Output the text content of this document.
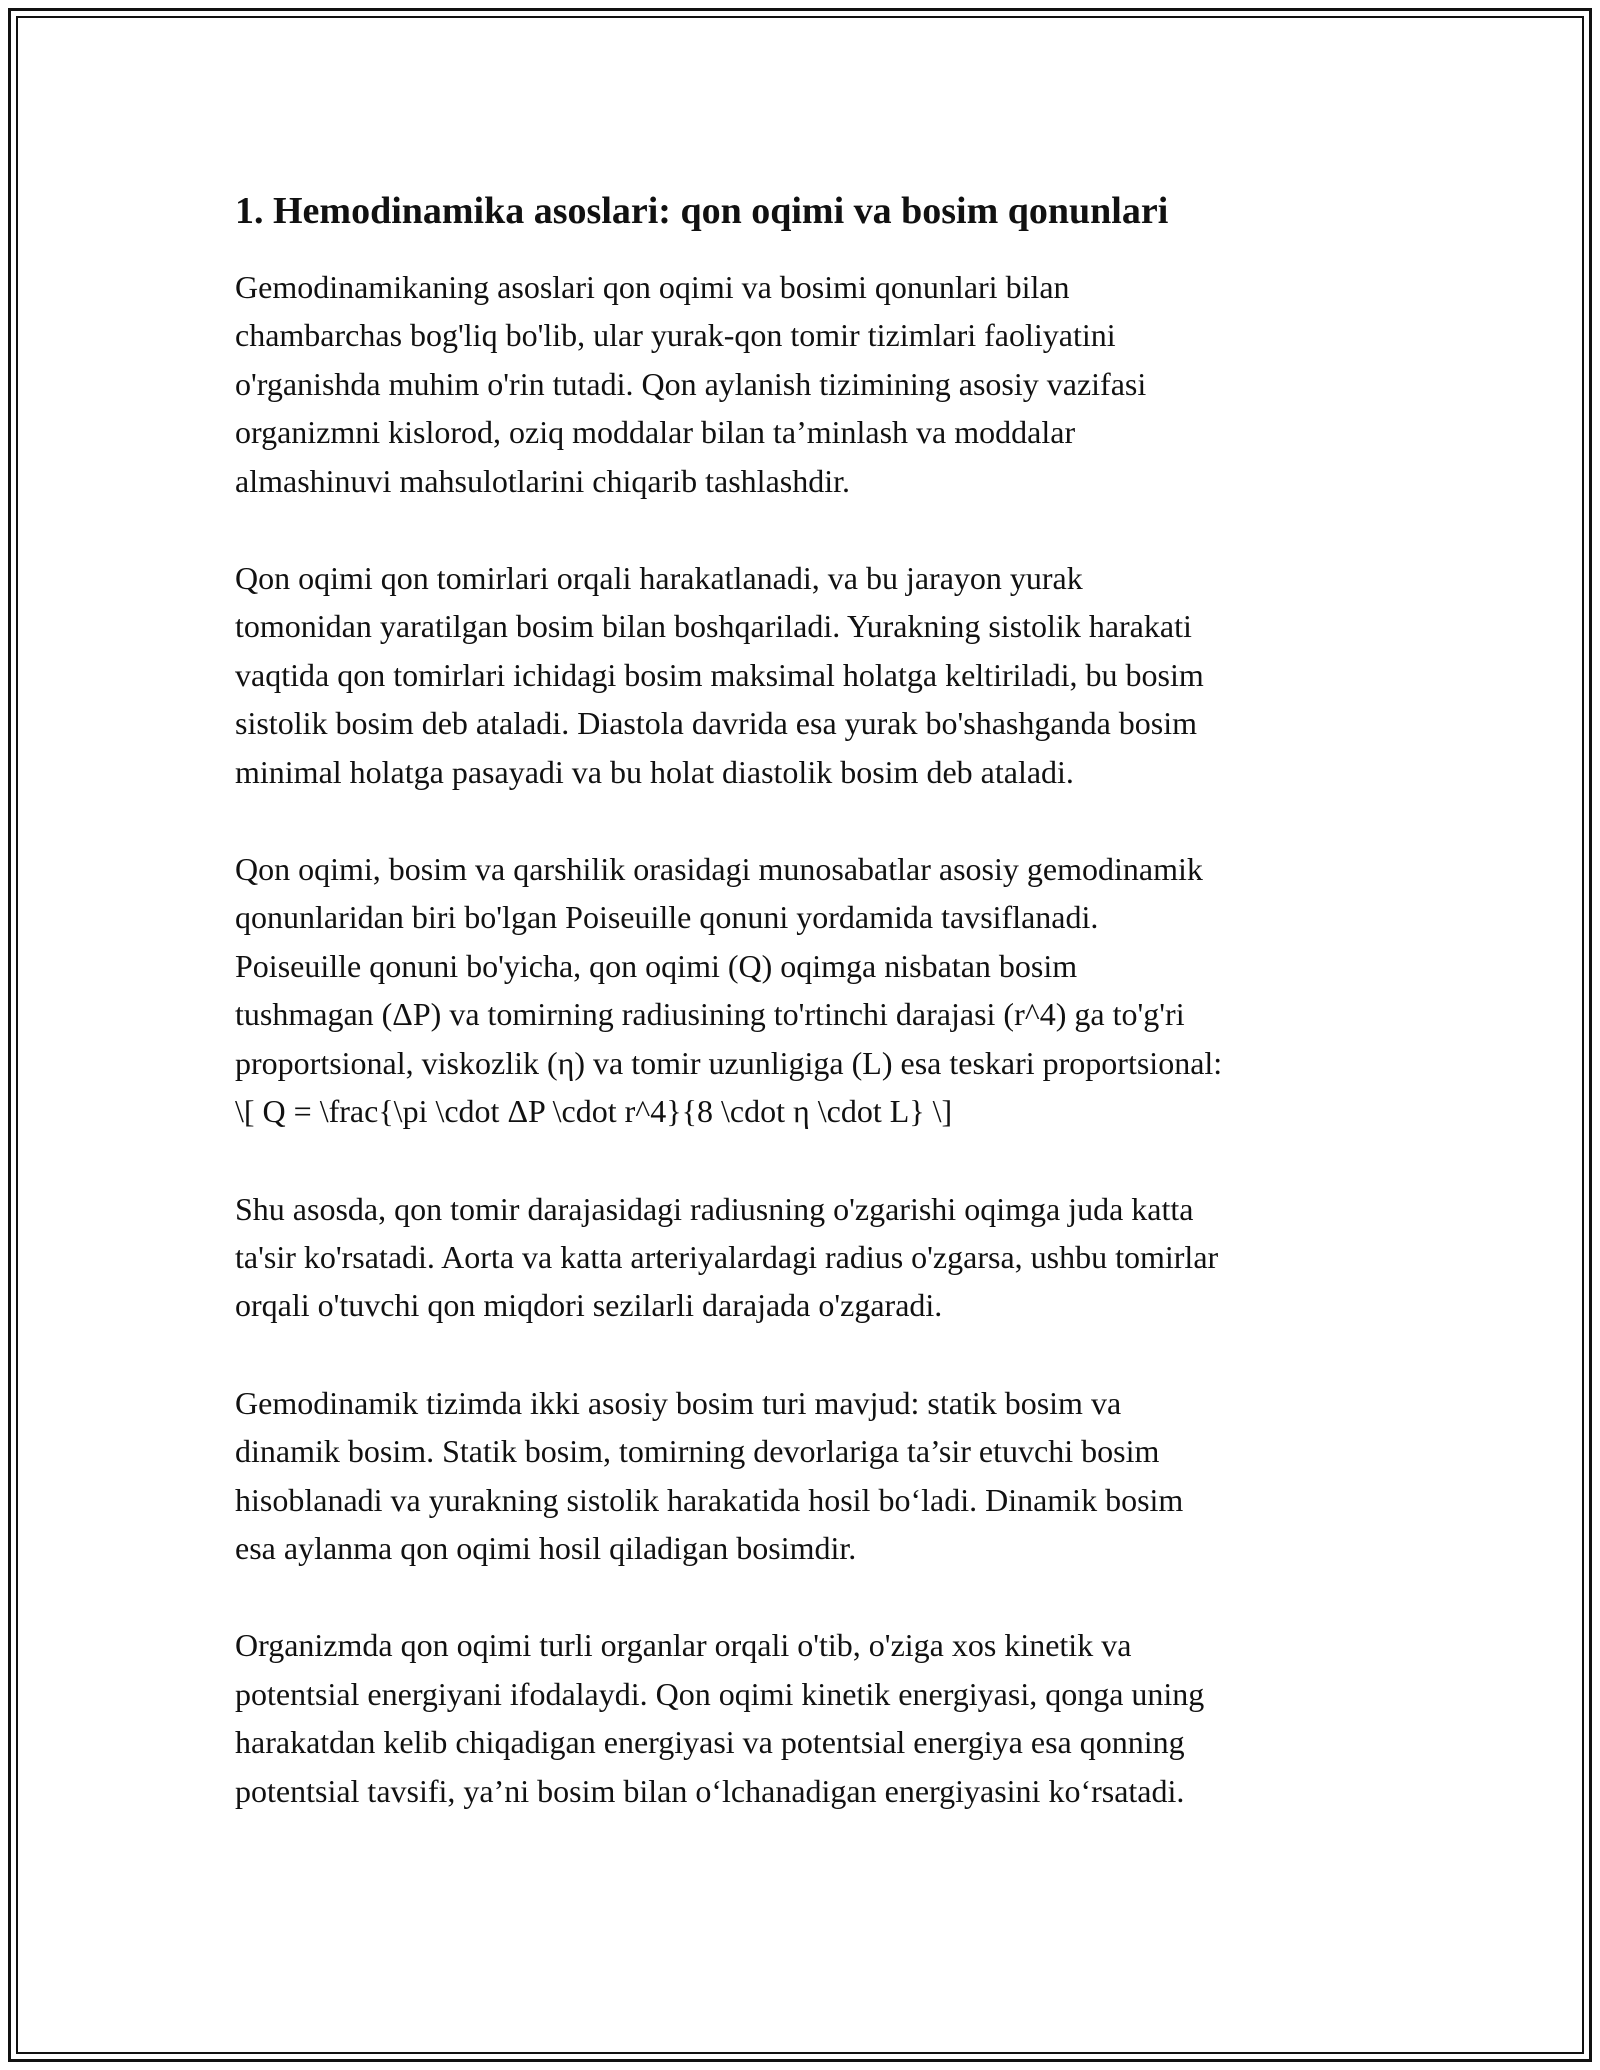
1. Hemodinamika asoslari: qon oqimi va bosim qonunlari

Gemodinamikaning asoslari qon oqimi va bosimi qonunlari bilan
chambarchas bog'liq bo'lib, ular yurak-qon tomir tizimlari faoliyatini
o'rganishda muhim o'rin tutadi. Qon aylanish tizimining asosiy vazifasi
organizmni kislorod, oziq moddalar bilan ta’minlash va moddalar
almashinuvi mahsulotlarini chiqarib tashlashdir.

Qon oqimi qon tomirlari orqali harakatlanadi, va bu jarayon yurak
tomonidan yaratilgan bosim bilan boshqariladi. Yurakning sistolik harakati
vaqtida qon tomirlari ichidagi bosim maksimal holatga keltiriladi, bu bosim
sistolik bosim deb ataladi. Diastola davrida esa yurak bo'shashganda bosim
minimal holatga pasayadi va bu holat diastolik bosim deb ataladi.

Qon oqimi, bosim va qarshilik orasidagi munosabatlar asosiy gemodinamik
qonunlaridan biri bo'lgan Poiseuille qonuni yordamida tavsiflanadi.
Poiseuille qonuni bo'yicha, qon oqimi (Q) oqimga nisbatan bosim
tushmagan (ΔP) va tomirning radiusining to'rtinchi darajasi (r^4) ga to'g'ri
proportsional, viskozlik (η) va tomir uzunligiga (L) esa teskari proportsional:
\[ Q = \frac{\pi \cdot ΔP \cdot r^4}{8 \cdot η \cdot L} \]

Shu asosda, qon tomir darajasidagi radiusning o'zgarishi oqimga juda katta
ta'sir ko'rsatadi. Aorta va katta arteriyalardagi radius o'zgarsa, ushbu tomirlar
orqali o'tuvchi qon miqdori sezilarli darajada o'zgaradi.

Gemodinamik tizimda ikki asosiy bosim turi mavjud: statik bosim va
dinamik bosim. Statik bosim, tomirning devorlariga ta’sir etuvchi bosim
hisoblanadi va yurakning sistolik harakatida hosil boʻladi. Dinamik bosim
esa aylanma qon oqimi hosil qiladigan bosimdir.

Organizmda qon oqimi turli organlar orqali o'tib, o'ziga xos kinetik va
potentsial energiyani ifodalaydi. Qon oqimi kinetik energiyasi, qonga uning
harakatdan kelib chiqadigan energiyasi va potentsial energiya esa qonning
potentsial tavsifi, ya’ni bosim bilan oʻlchanadigan energiyasini koʻrsatadi.
